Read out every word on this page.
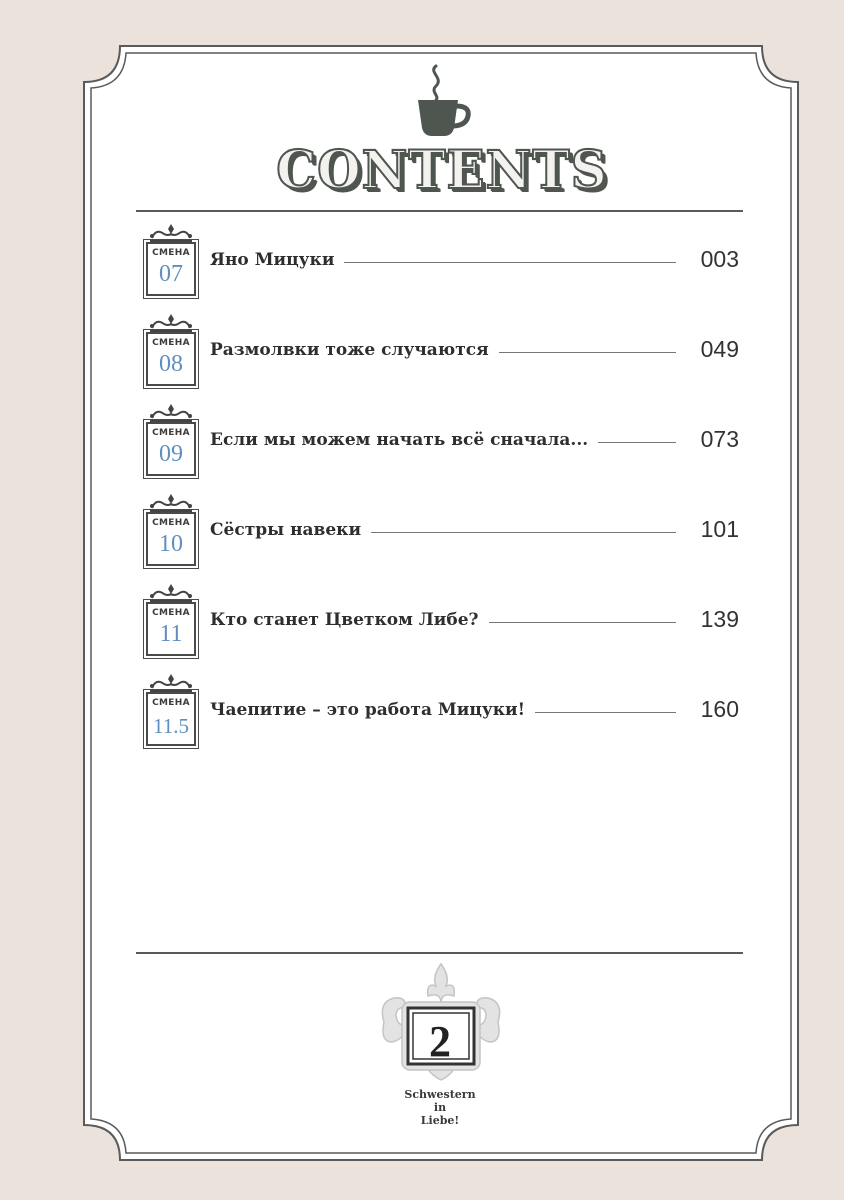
CONTENTS
СМЕНА
07
Яно Мицуки	003
СМЕНА
08
Размолвки тоже случаются	049
СМЕНА
09
Если мы можем начать всё сначала...	073
СМЕНА
10
Сёстры навеки	101
СМЕНА
11
Кто станет Цветком Либе?	139
СМЕНА
11.5
Чаепитие – это работа Мицуки!	160
2
Schwestern
in
Liebe!
